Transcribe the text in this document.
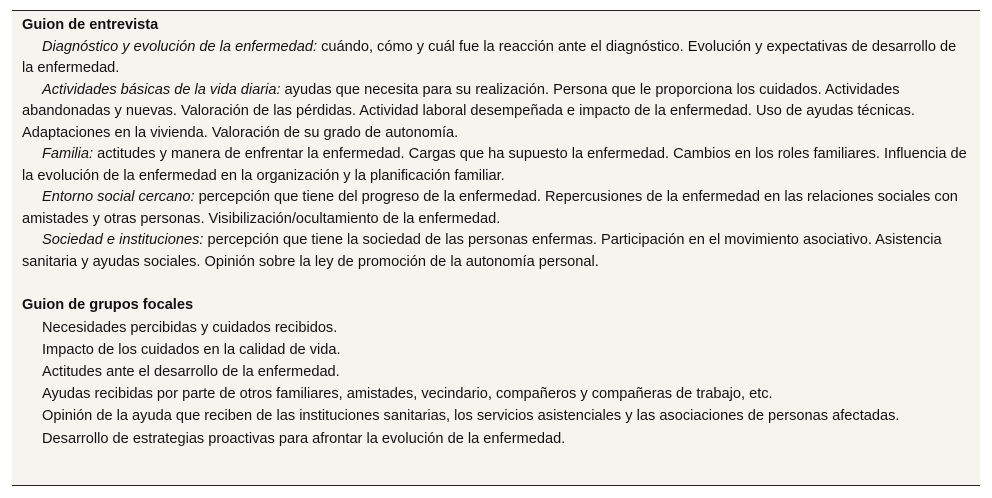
Guion de entrevista

Diagnóstico y evolución de la enfermedad: cuándo, cómo y cuál fue la reacción ante el diagnóstico. Evolución y expectativas de desarrollo de la enfermedad.

Actividades básicas de la vida diaria: ayudas que necesita para su realización. Persona que le proporciona los cuidados. Actividades abandonadas y nuevas. Valoración de las pérdidas. Actividad laboral desempeñada e impacto de la enfermedad. Uso de ayudas técnicas. Adaptaciones en la vivienda. Valoración de su grado de autonomía.

Familia: actitudes y manera de enfrentar la enfermedad. Cargas que ha supuesto la enfermedad. Cambios en los roles familiares. Influencia de la evolución de la enfermedad en la organización y la planificación familiar.

Entorno social cercano: percepción que tiene del progreso de la enfermedad. Repercusiones de la enfermedad en las relaciones sociales con amistades y otras personas. Visibilización/ocultamiento de la enfermedad.

Sociedad e instituciones: percepción que tiene la sociedad de las personas enfermas. Participación en el movimiento asociativo. Asistencia sanitaria y ayudas sociales. Opinión sobre la ley de promoción de la autonomía personal.

Guion de grupos focales

Necesidades percibidas y cuidados recibidos.
Impacto de los cuidados en la calidad de vida.
Actitudes ante el desarrollo de la enfermedad.
Ayudas recibidas por parte de otros familiares, amistades, vecindario, compañeros y compañeras de trabajo, etc.
Opinión de la ayuda que reciben de las instituciones sanitarias, los servicios asistenciales y las asociaciones de personas afectadas.
Desarrollo de estrategias proactivas para afrontar la evolución de la enfermedad.
